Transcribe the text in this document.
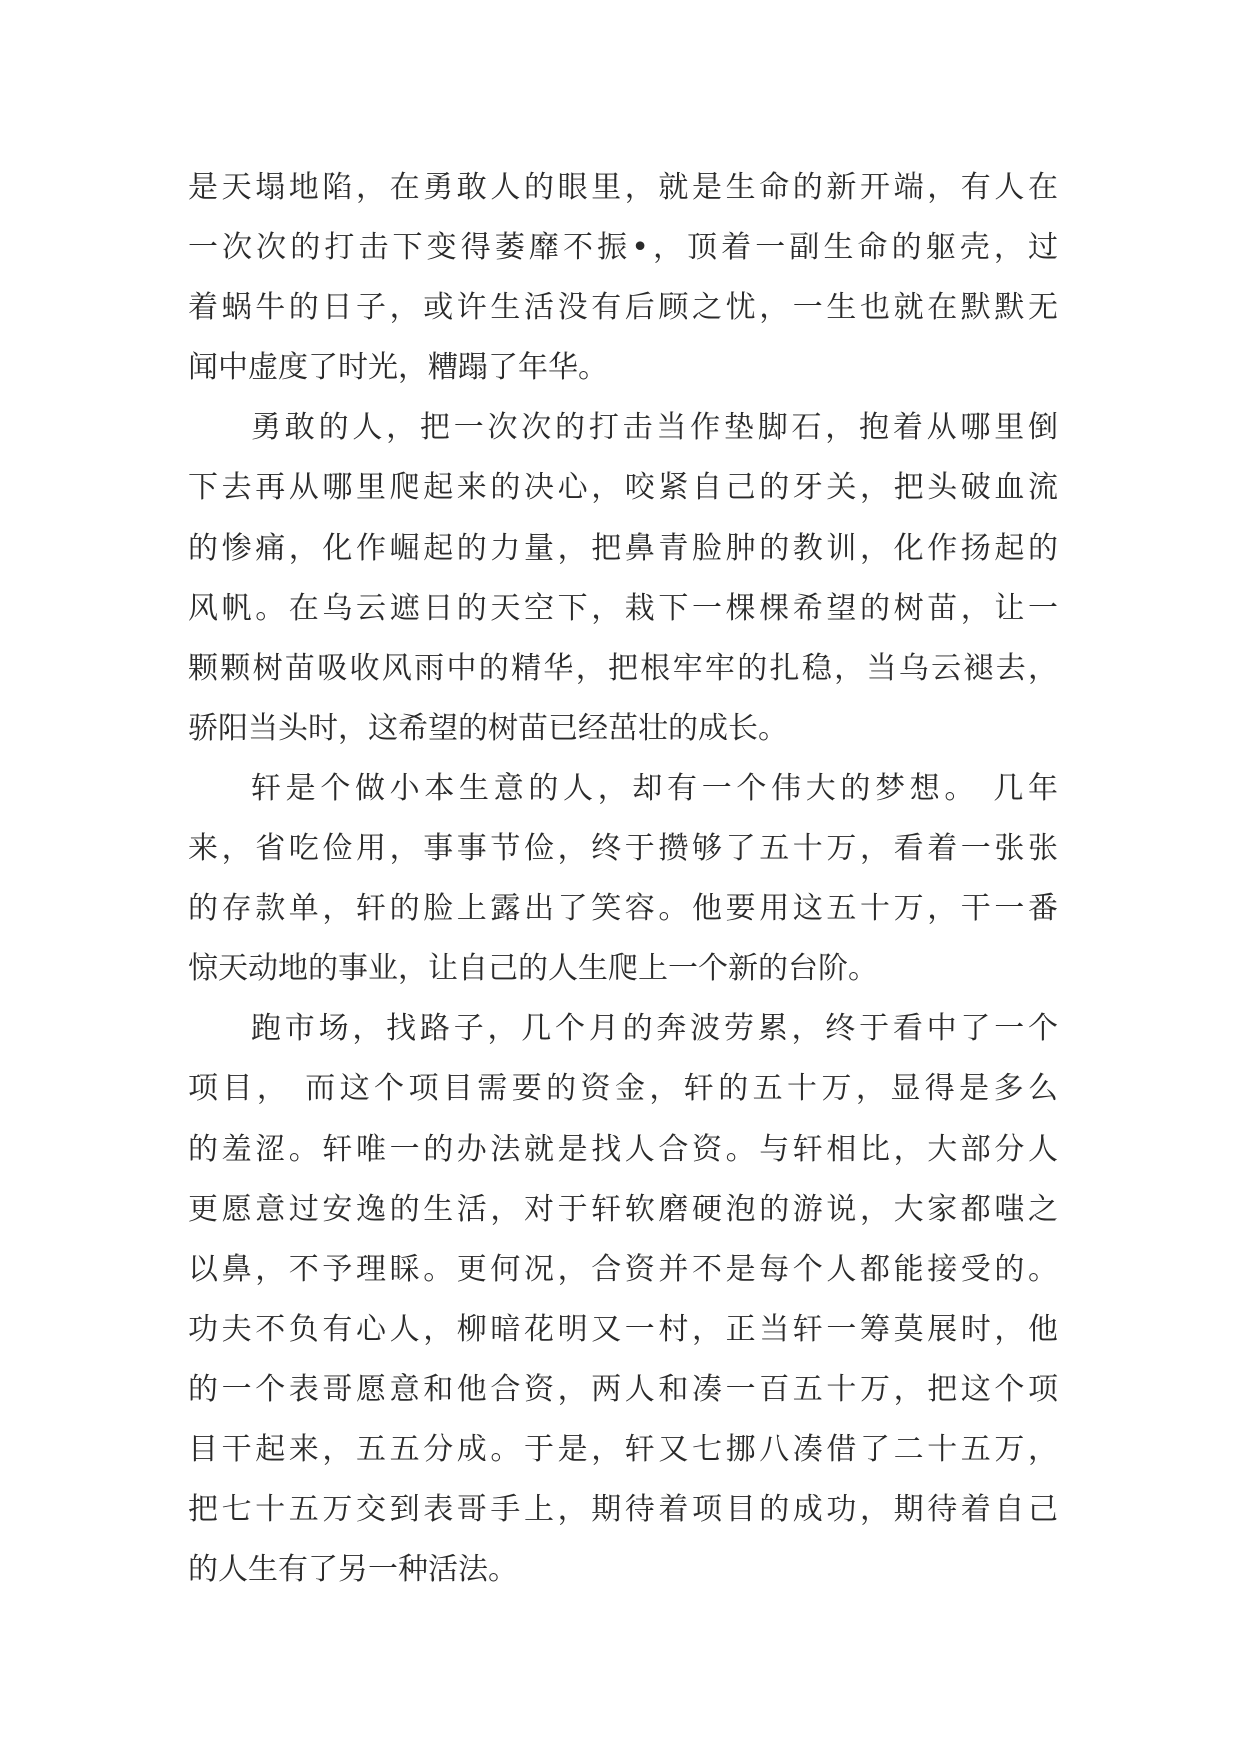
是天塌地陷，在勇敢人的眼里，就是生命的新开端，有人在
一次次的打击下变得萎靡不振•，顶着一副生命的躯壳，过
着蜗牛的日子，或许生活没有后顾之忧，一生也就在默默无
闻中虚度了时光，糟蹋了年华。
勇敢的人，把一次次的打击当作垫脚石，抱着从哪里倒
下去再从哪里爬起来的决心，咬紧自己的牙关，把头破血流
的惨痛，化作崛起的力量，把鼻青脸肿的教训，化作扬起的
风帆。在乌云遮日的天空下，栽下一棵棵希望的树苗，让一
颗颗树苗吸收风雨中的精华，把根牢牢的扎稳，当乌云褪去，
骄阳当头时，这希望的树苗已经茁壮的成长。
轩是个做小本生意的人，却有一个伟大的梦想。 几年
来，省吃俭用，事事节俭，终于攒够了五十万，看着一张张
的存款单，轩的脸上露出了笑容。他要用这五十万，干一番
惊天动地的事业，让自己的人生爬上一个新的台阶。
跑市场，找路子，几个月的奔波劳累，终于看中了一个
项目， 而这个项目需要的资金，轩的五十万，显得是多么
的羞涩。轩唯一的办法就是找人合资。与轩相比，大部分人
更愿意过安逸的生活，对于轩软磨硬泡的游说，大家都嗤之
以鼻，不予理睬。更何况，合资并不是每个人都能接受的。
功夫不负有心人，柳暗花明又一村，正当轩一筹莫展时，他
的一个表哥愿意和他合资，两人和凑一百五十万，把这个项
目干起来，五五分成。于是，轩又七挪八凑借了二十五万，
把七十五万交到表哥手上，期待着项目的成功，期待着自己
的人生有了另一种活法。
